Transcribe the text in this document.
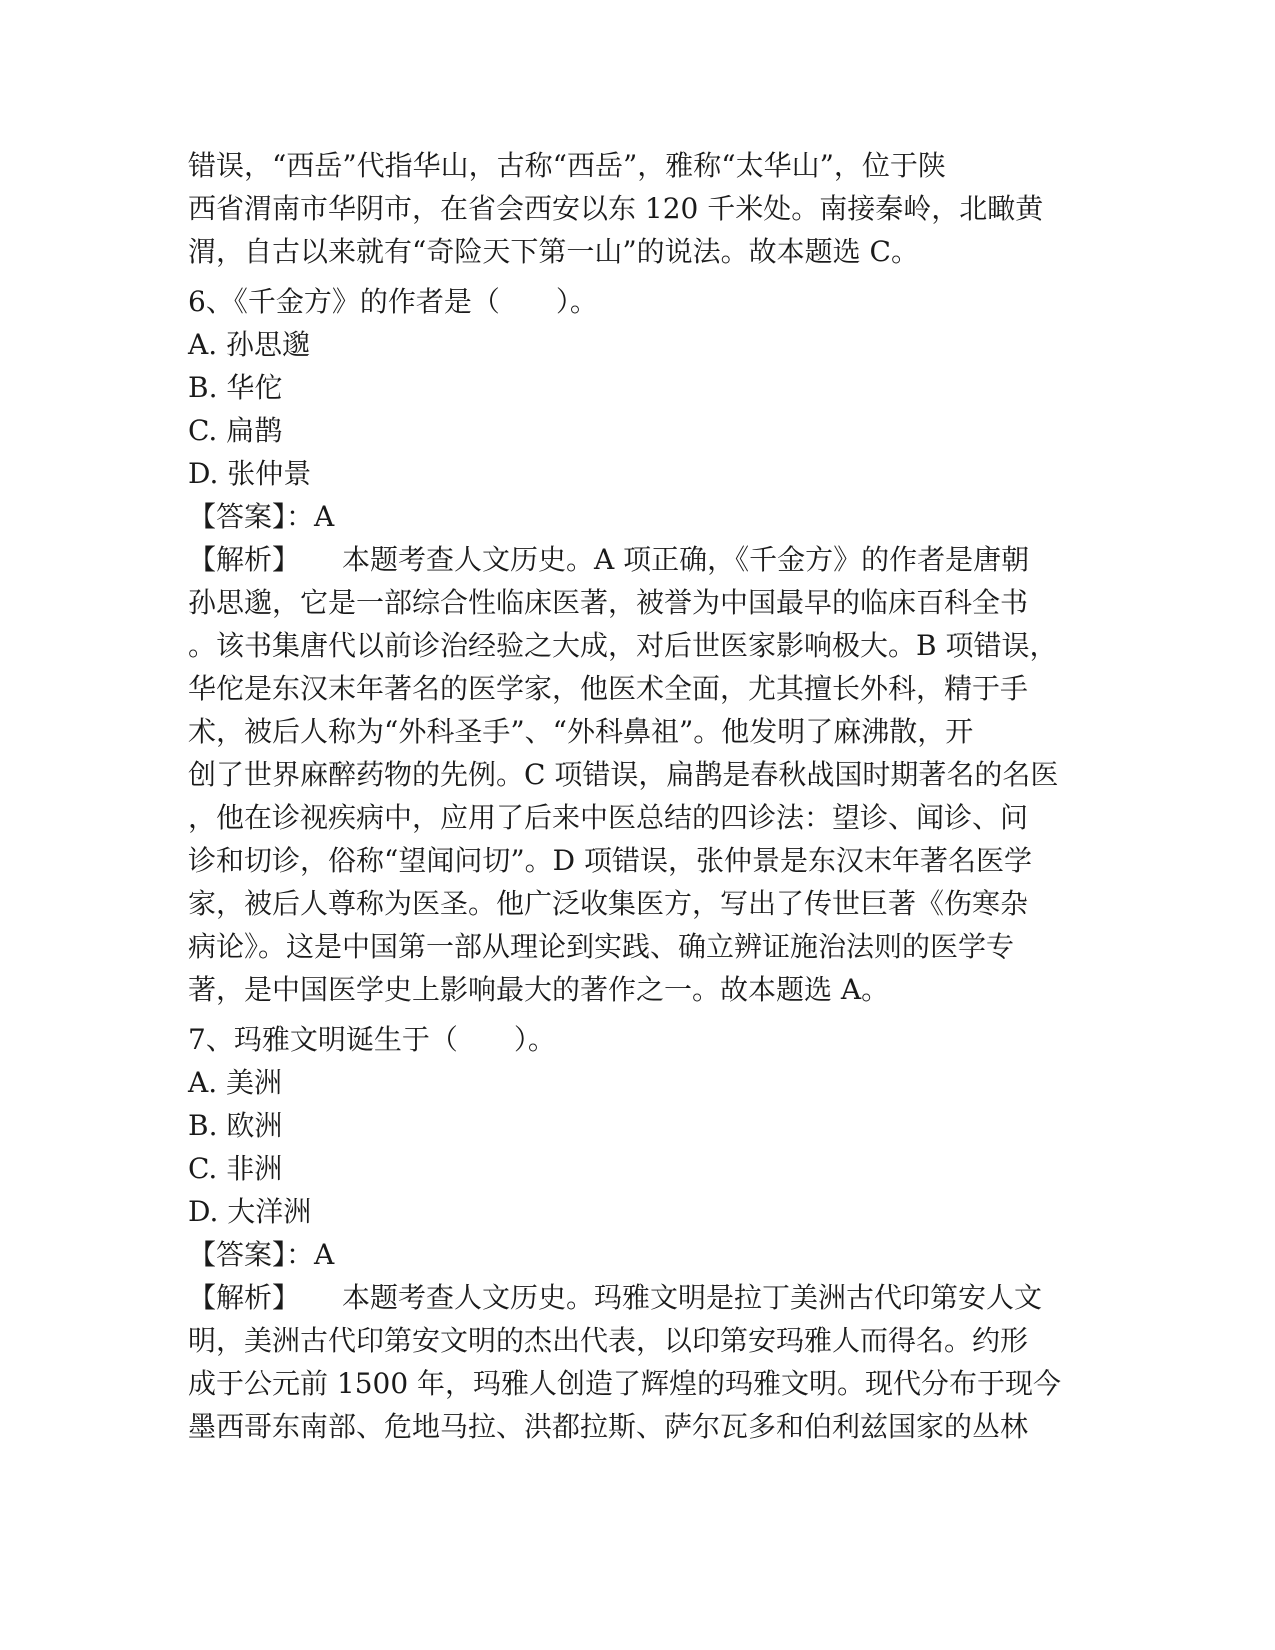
错误，“西岳”代指华山，古称“西岳”，雅称“太华山”，位于陕
西省渭南市华阴市，在省会西安以东 120 千米处。南接秦岭，北瞰黄
渭，自古以来就有“奇险天下第一山”的说法。故本题选 C。
6、《千金方》的作者是（　　）。
A. 孙思邈
B. 华佗
C. 扁鹊
D. 张仲景
【答案】：A
【解析】 本题考查人文历史。A 项正确，《千金方》的作者是唐朝
孙思邈，它是一部综合性临床医著，被誉为中国最早的临床百科全书
。该书集唐代以前诊治经验之大成，对后世医家影响极大。B 项错误，
华佗是东汉末年著名的医学家，他医术全面，尤其擅长外科，精于手
术，被后人称为“外科圣手”、“外科鼻祖”。他发明了麻沸散，开
创了世界麻醉药物的先例。C 项错误，扁鹊是春秋战国时期著名的名医
，他在诊视疾病中，应用了后来中医总结的四诊法：望诊、闻诊、问
诊和切诊，俗称“望闻问切”。D 项错误，张仲景是东汉末年著名医学
家，被后人尊称为医圣。他广泛收集医方，写出了传世巨著《伤寒杂
病论》。这是中国第一部从理论到实践、确立辨证施治法则的医学专
著，是中国医学史上影响最大的著作之一。故本题选 A。
7、玛雅文明诞生于（　　）。
A. 美洲
B. 欧洲
C. 非洲
D. 大洋洲
【答案】：A
【解析】 本题考查人文历史。玛雅文明是拉丁美洲古代印第安人文
明，美洲古代印第安文明的杰出代表，以印第安玛雅人而得名。约形
成于公元前 1500 年，玛雅人创造了辉煌的玛雅文明。现代分布于现今
墨西哥东南部、危地马拉、洪都拉斯、萨尔瓦多和伯利兹国家的丛林
